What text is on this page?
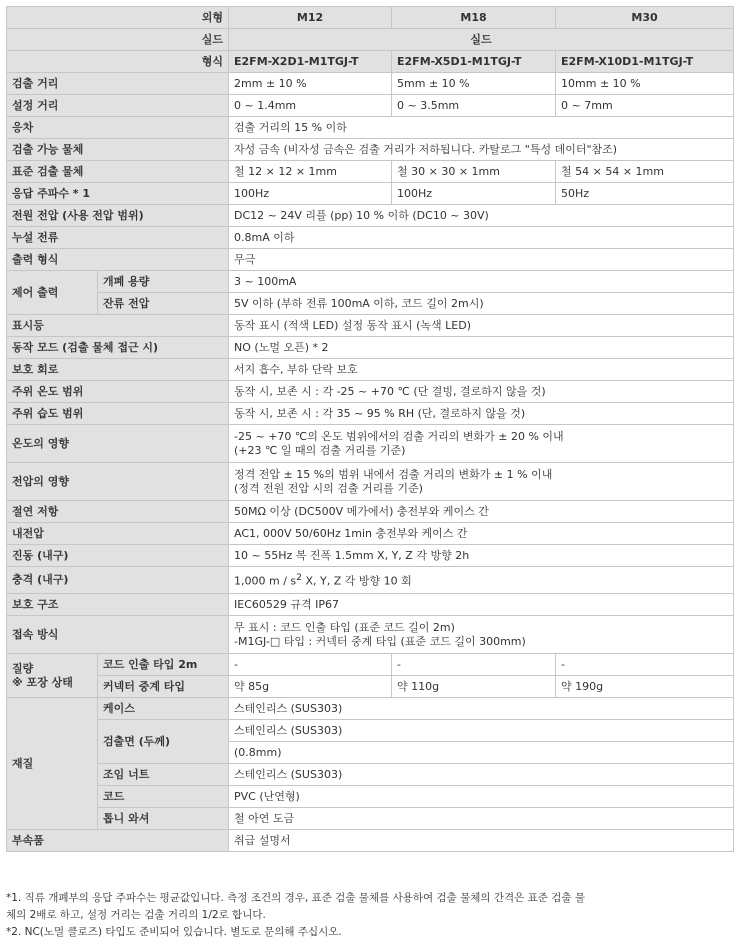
외형		M12	M18	M30
실드		실드		
형식		E2FM-X2D1-M1TGJ-T	E2FM-X5D1-M1TGJ-T	E2FM-X10D1-M1TGJ-T
검출 거리		2mm ± 10 %	5mm ± 10 %	10mm ± 10 %
설정 거리		0 ~ 1.4mm	0 ~ 3.5mm	0 ~ 7mm
응차		검출 거리의 15 % 이하		
검출 가능 물체		자성 금속 (비자성 금속은 검출 거리가 저하됩니다. 카탈로그 "특성 데이터"참조)		
표준 검출 물체		철 12 × 12 × 1mm	철 30 × 30 × 1mm	철 54 × 54 × 1mm
응답 주파수 * 1		100Hz	100Hz	50Hz
전원 전압 (사용 전압 범위)		DC12 ~ 24V 리플 (pp) 10 % 이하 (DC10 ~ 30V)		
누설 전류		0.8mA 이하		
출력 형식		무극		
제어 출력	개폐 용량	3 ~ 100mA		
	잔류 전압	5V 이하 (부하 전류 100mA 이하, 코드 길이 2m시)		
표시등		동작 표시 (적색 LED) 설정 동작 표시 (녹색 LED)		
동작 모드 (검출 물체 접근 시)		NO (노멀 오픈) * 2		
보호 회로		서지 흡수, 부하 단락 보호		
주위 온도 범위		동작 시, 보존 시 : 각 -25 ~ +70 ℃ (단 결빙, 결로하지 않을 것)		
주위 습도 범위		동작 시, 보존 시 : 각 35 ~ 95 % RH (단, 결로하지 않을 것)		
온도의 영향		-25 ~ +70 ℃의 온도 범위에서의 검출 거리의 변화가 ± 20 % 이내
(+23 ℃ 일 때의 검출 거리를 기준)		

전압의 영향		정격 전압 ± 15 %의 범위 내에서 검출 거리의 변화가 ± 1 % 이내
(정격 전원 전압 시의 검출 거리를 기준)		

절연 저항		50MΩ 이상 (DC500V 메가에서) 충전부와 케이스 간		
내전압		AC1, 000V 50/60Hz 1min 충전부와 케이스 간		
진동 (내구)		10 ~ 55Hz 복 진폭 1.5mm X, Y, Z 각 방향 2h		
충격 (내구)		1,000 m / $s^2$ X, Y, Z 각 방향 10 회		
보호 구조		IEC60529 규격 IP67		
접속 방식		무 표시 : 코드 인출 타입 (표준 코드 길이 2m)
-M1GJ-□ 타입 : 커넥터 중계 타입 (표준 코드 길이 300mm)		

질량
※ 포장 상태	코드 인출 타입 2m	-	-	-
	커넥터 중계 타입	약 85g	약 110g	약 190g
재질	케이스	스테인리스 (SUS303)		
	검출면 (두께)	스테인리스 (SUS303)		
		(0.8mm)		
	조임 너트	스테인리스 (SUS303)		
	코드	PVC (난연형)		
	톱니 와셔	철 아연 도금		
부속품		취급 설명서		
*1. 직류 개폐부의 응답 주파수는 평균값입니다. 측정 조건의 경우, 표준 검출 물체를 사용하여 검출 물체의 간격은 표준 검출 물
체의 2배로 하고, 설정 거리는 검출 거리의 1/2로 합니다.
*2. NC(노멀 클로즈) 타입도 준비되어 있습니다. 별도로 문의해 주십시오.
